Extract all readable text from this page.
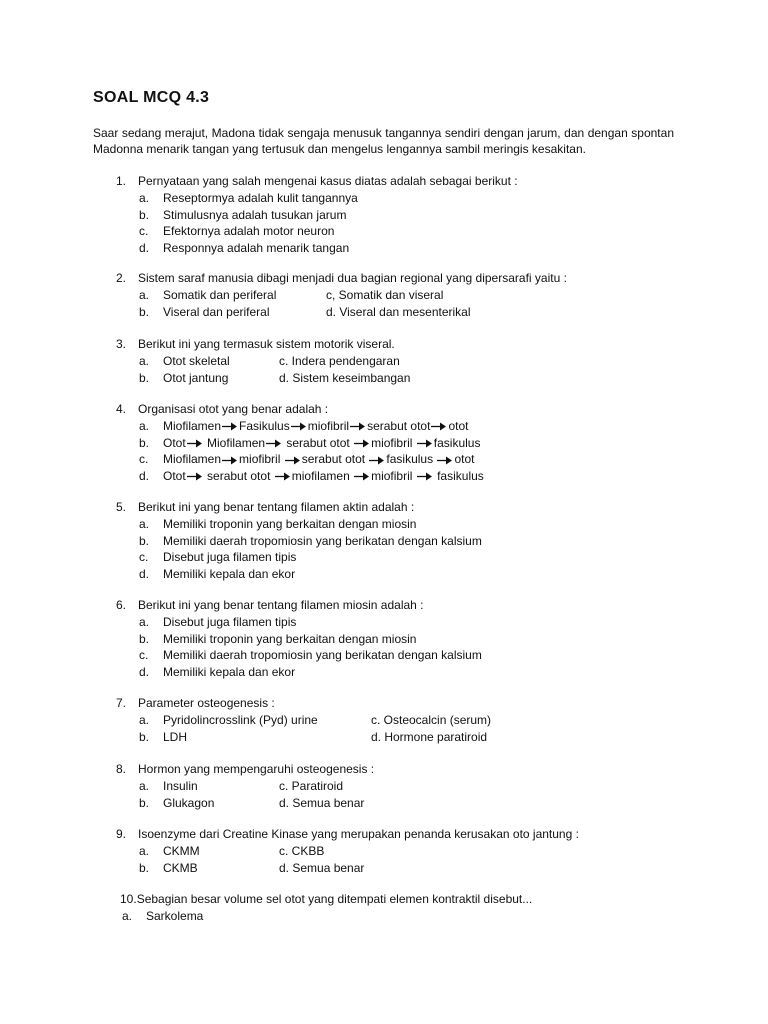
SOAL MCQ 4.3
Saar sedang merajut, Madona tidak sengaja menusuk tangannya sendiri dengan jarum, dan dengan spontan Madonna menarik tangan yang tertusuk dan mengelus lengannya sambil meringis kesakitan.
1. Pernyataan yang salah mengenai kasus diatas adalah sebagai berikut :
a. Reseptormya adalah kulit tangannya
b. Stimulusnya adalah tusukan jarum
c. Efektornya adalah motor neuron
d. Responnya adalah menarik tangan
2. Sistem saraf manusia dibagi menjadi dua bagian regional yang dipersarafi yaitu :
a. Somatik dan periferal	c, Somatik dan viseral
b. Viseral dan periferal	d. Viseral dan mesenterikal
3. Berikut ini yang termasuk sistem motorik viseral.
a. Otot skeletal	c. Indera pendengaran
b. Otot jantung	d. Sistem keseimbangan
4. Organisasi otot yang benar adalah :
a. Miofilamen Fasikulus miofibril serabut otot otot
b. Otot
Miofilamen
serabut otot
miofibril
fasikulus
c. Miofilamen miofibril
serabut otot
fasikulus
otot
d. Otot
serabut otot
miofilamen
miofibril
fasikulus
5. Berikut ini yang benar tentang filamen aktin adalah :
a. Memiliki troponin yang berkaitan dengan miosin
b. Memiliki daerah tropomiosin yang berikatan dengan kalsium
c. Disebut juga filamen tipis
d. Memiliki kepala dan ekor
6. Berikut ini yang benar tentang filamen miosin adalah :
a. Disebut juga filamen tipis
b. Memiliki troponin yang berkaitan dengan miosin
c. Memiliki daerah tropomiosin yang berikatan dengan kalsium
d. Memiliki kepala dan ekor
7. Parameter osteogenesis :
a. Pyridolincrosslink (Pyd) urine	c. Osteocalcin (serum)
b. LDH	d. Hormone paratiroid
8. Hormon yang mempengaruhi osteogenesis :
a. Insulin	c. Paratiroid
b. Glukagon	d. Semua benar
9. Isoenzyme dari Creatine Kinase yang merupakan penanda kerusakan oto jantung :
a. CKMM	c. CKBB
b. CKMB	d. Semua benar
10.Sebagian besar volume sel otot yang ditempati elemen kontraktil disebut...
a. Sarkolema
